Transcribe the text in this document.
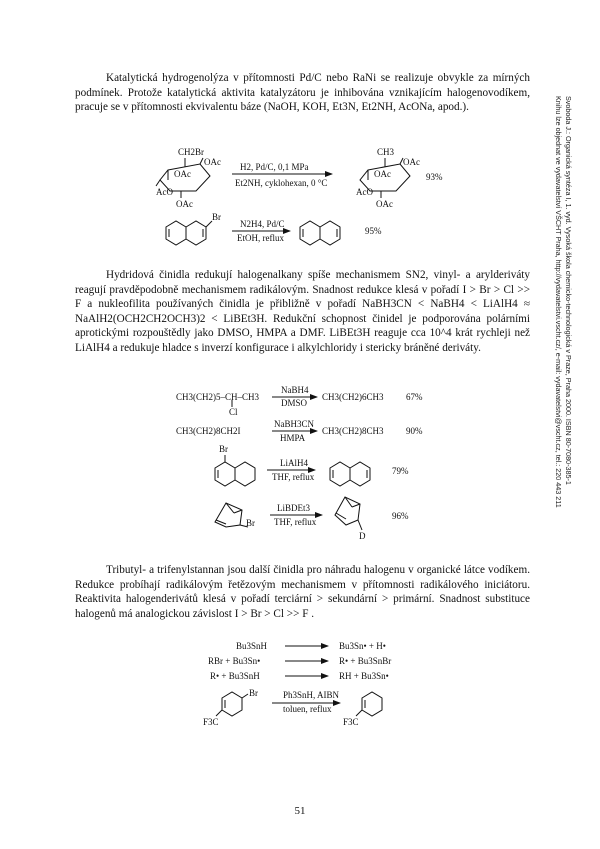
Katalytická hydrogenolýza v přítomnosti Pd/C nebo RaNi se realizuje obvykle za mírných podmínek. Protože katalytická aktivita katalyzátoru je inhibována vznikajícím halogenovodíkem, pracuje se v přítomnosti ekvivalentu báze (NaOH, KOH, Et3N, Et2NH, AcONa, apod.).
Hydridová činidla redukují halogenalkany spíše mechanismem SN2, vinyl- a arylderiváty reagují pravděpodobně mechanismem radikálovým. Snadnost redukce klesá v pořadí I > Br > Cl >> F a nukleofilita používaných činidla je přibližně v pořadí NaBH3CN < NaBH4 < LiAlH4 ≈ NaAlH2(OCH2CH2OCH3)2 < LiBEt3H. Redukční schopnost činidel je podporována polárními aprotickými rozpouštědly jako DMSO, HMPA a DMF. LiBEt3H reaguje cca 10^4 krát rychleji než LiAlH4 a redukuje hladce s inverzí konfigurace i alkylchloridy i stericky bráněné deriváty.
Tributyl- a trifenylstannan jsou další činidla pro náhradu halogenu v organické látce vodíkem. Redukce probíhají radikálovým řetězovým mechanismem v přítomnosti radikálového iniciátoru. Reaktivita halogenderivátů klesá v pořadí terciární > sekundární > primární. Snadnost substituce halogenů má analogickou závislost I > Br > Cl >> F .
Svoboda J.: Organická syntéza I, 1. vyd. Vysoká škola chemicko-technologická v Praze, Praha 2000. ISBN 80-7080-385-1
Knihu lze objednat ve vydavatelství VŠCHT Praha, http://vydavatelstvi.vscht.cz/, e-mail: vydavatelstvi@vscht.cz, tel.: 220 443 211
CH2Br
OAc
OAc
AcO
OAc
H2, Pd/C, 0,1 MPa
Et2NH, cyklohexan, 0 °C
CH3
OAc
OAc
AcO
OAc
93%
Br
N2H4, Pd/C
EtOH, reflux
95%
CH3(CH2)5–CH–CH3
Cl
NaBH4
DMSO
CH3(CH2)6CH3 67%
CH3(CH2)8CH2I
NaBH3CN
HMPA
CH3(CH2)8CH3 90%
Br
LiAlH4
THF, reflux
79%
Br
LiBDEt3
THF, reflux
D
96%
Bu3SnH	Bu3Sn• + H•
RBr + Bu3Sn•	R• + Bu3SnBr
R• + Bu3SnH	RH + Bu3Sn•
Br
F3C
Ph3SnH, AIBN
toluen, reflux
F3C
51
